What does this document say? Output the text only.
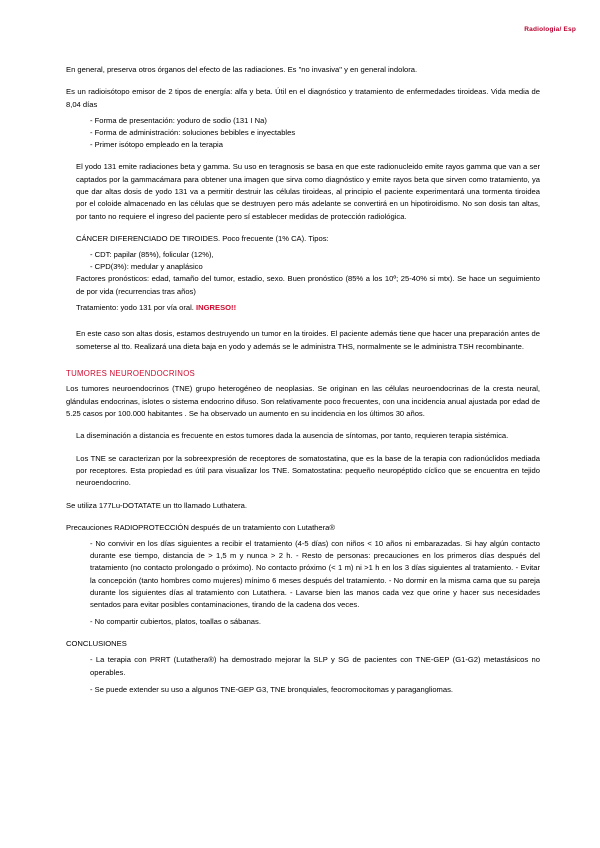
Radiologia/ Esp

En general, preserva otros órganos del efecto de las radiaciones. Es "no invasiva" y en general indolora.

Es un radioisótopo emisor de 2 tipos de energía: alfa y beta. Útil en el diagnóstico y tratamiento de enfermedades tiroideas. Vida media de 8,04 días

- Forma de presentación: yoduro de sodio (131 I Na)

- Forma de administración: soluciones bebibles e inyectables

- Primer isótopo empleado en la terapia

El yodo 131 emite radiaciones beta y gamma. Su uso en teragnosis se basa en que este radionucleido emite rayos gamma que van a ser captados por la gammacámara para obtener una imagen que sirva como diagnóstico y emite rayos beta que sirven como tratamiento, ya que dar altas dosis de yodo 131 va a permitir destruir las células tiroideas, al principio el paciente experimentará una tormenta tiroidea por el coloide almacenado en las células que se destruyen pero más adelante se convertirá en un hipotiroidismo. No son dosis tan altas, por tanto no requiere el ingreso del paciente pero sí establecer medidas de protección radiológica.

CÁNCER DIFERENCIADO DE TIROIDES. Poco frecuente (1% CA). Tipos:

- CDT: papilar (85%), folicular (12%),

- CPD(3%): medular y anaplásico

Factores pronósticos: edad, tamaño del tumor, estadio, sexo. Buen pronóstico (85% a los 10º; 25-40% si mtx). Se hace un seguimiento de por vida (recurrencias tras años)

Tratamiento: yodo 131 por vía oral. INGRESO!!

En este caso son altas dosis, estamos destruyendo un tumor en la tiroides. El paciente además tiene que hacer una preparación antes de someterse al tto. Realizará una dieta baja en yodo y además se le administra THS, normalmente se le administra TSH recombinante.

TUMORES NEUROENDOCRINOS

Los tumores neuroendocrinos (TNE) grupo heterogéneo de neoplasias. Se originan en las células neuroendocrinas de la cresta neural, glándulas endocrinas, islotes o sistema endocrino difuso. Son relativamente poco frecuentes, con una incidencia anual ajustada por edad de 5.25 casos por 100.000 habitantes . Se ha observado un aumento en su incidencia en los últimos 30 años.

La diseminación a distancia es frecuente en estos tumores dada la ausencia de síntomas, por tanto, requieren terapia sistémica.

Los TNE se caracterizan por la sobreexpresión de receptores de somatostatina, que es la base de la terapia con radionúclidos mediada por receptores. Esta propiedad es útil para visualizar los TNE. Somatostatina: pequeño neuropéptido cíclico que se encuentra en tejido neuroendocrino.

Se utiliza 177Lu-DOTATATE un tto llamado Luthatera.

Precauciones RADIOPROTECCIÓN después de un tratamiento con Lutathera®

- No convivir en los días siguientes a recibir el tratamiento (4-5 días) con niños < 10 años ni embarazadas. Si hay algún contacto durante ese tiempo, distancia de > 1,5 m y nunca > 2 h. - Resto de personas: precauciones en los primeros días después del tratamiento (no contacto prolongado o próximo). No contacto próximo (< 1 m) ni >1 h en los 3 días siguientes al tratamiento. - Evitar la concepción (tanto hombres como mujeres) mínimo 6 meses después del tratamiento. - No dormir en la misma cama que su pareja durante los siguientes días al tratamiento con Lutathera. - Lavarse bien las manos cada vez que orine y hacer sus necesidades sentados para evitar posibles contaminaciones, tirando de la cadena dos veces.

- No compartir cubiertos, platos, toallas o sábanas.

CONCLUSIONES

- La terapia con PRRT (Lutathera®) ha demostrado mejorar la SLP y SG de pacientes con TNE-GEP (G1-G2) metastásicos no operables.

- Se puede extender su uso a algunos TNE-GEP G3, TNE bronquiales, feocromocitomas y paragangliomas.
